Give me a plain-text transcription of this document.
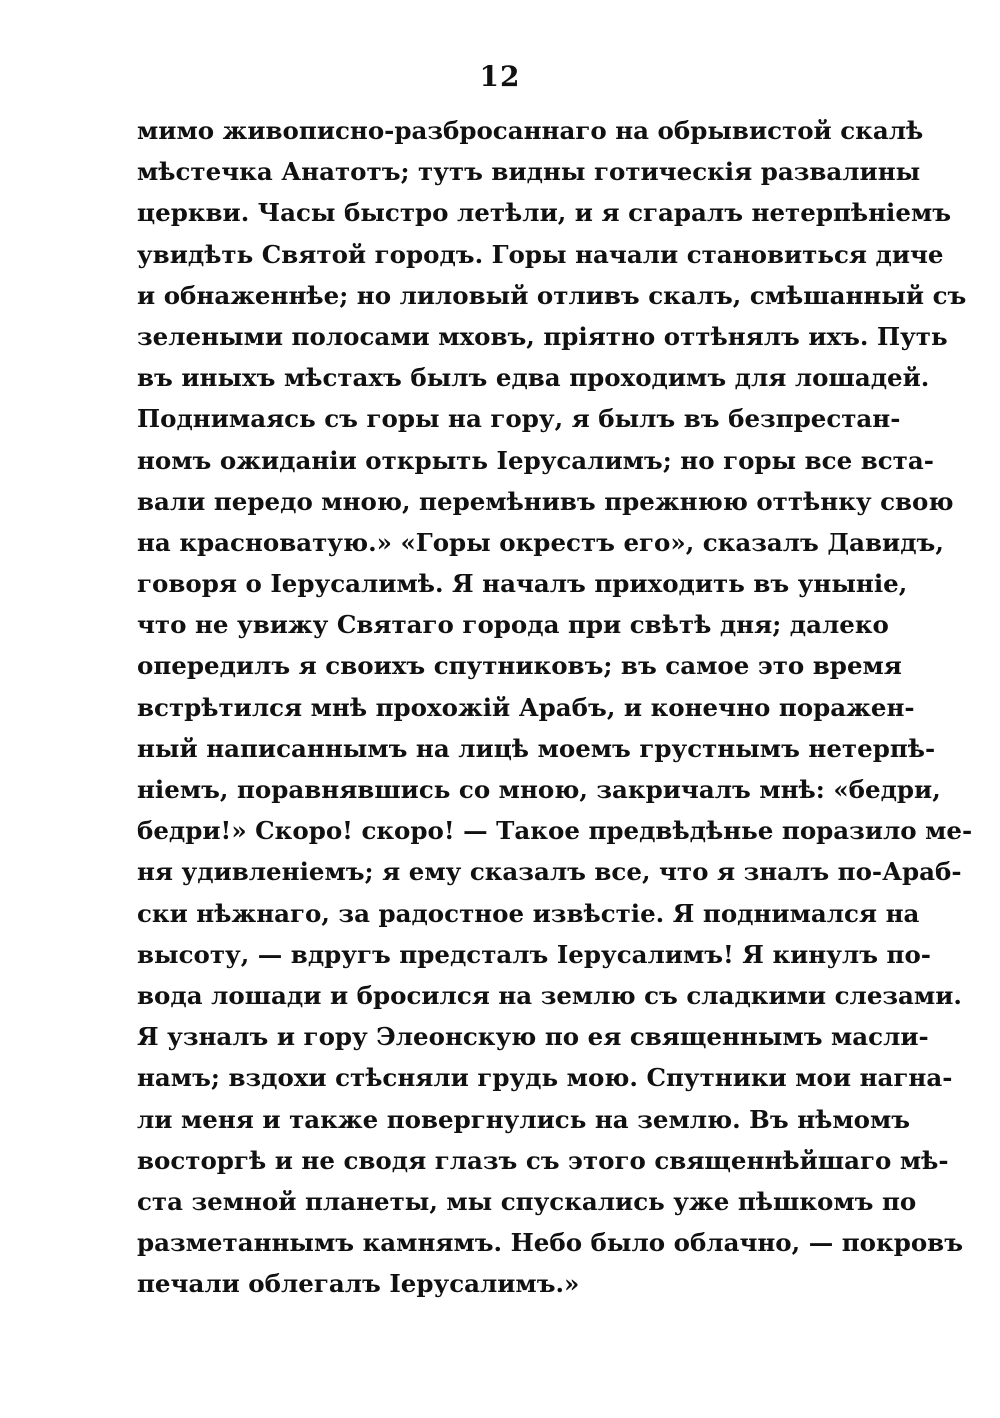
12
мимо живописно-разбросаннаго на обрывистой скалѣ
мѣстечка Анатотъ; тутъ видны готическія развалины
церкви. Часы быстро летѣли, и я сгаралъ нетерпѣніемъ
увидѣть Святой городъ. Горы начали становиться диче
и обнаженнѣе; но лиловый отливъ скалъ, смѣшанный съ
зелеными полосами мховъ, пріятно оттѣнялъ ихъ. Путь
въ иныхъ мѣстахъ былъ едва проходимъ для лошадей.
Поднимаясь съ горы на гору, я былъ въ безпрестан-
номъ ожиданіи открыть Іерусалимъ; но горы все вста-
вали передо мною, перемѣнивъ прежнюю оттѣнку свою
на красноватую.» «Горы окрестъ его», сказалъ Давидъ,
говоря о Іерусалимѣ. Я началъ приходить въ уныніе,
что не увижу Святаго города при свѣтѣ дня; далеко
опередилъ я своихъ спутниковъ; въ самое это время
встрѣтился мнѣ прохожій Арабъ, и конечно поражен-
ный написаннымъ на лицѣ моемъ грустнымъ нетерпѣ-
ніемъ, поравнявшись со мною, закричалъ мнѣ: «бедри,
бедри!» Скоро! скоро! — Такое предвѣдѣнье поразило ме-
ня удивленіемъ; я ему сказалъ все, что я зналъ по-Араб-
ски нѣжнаго, за радостное извѣстіе. Я поднимался на
высоту, — вдругъ предсталъ Іерусалимъ! Я кинулъ по-
вода лошади и бросился на землю съ сладкими слезами.
Я узналъ и гору Элеонскую по ея священнымъ масли-
намъ; вздохи стѣсняли грудь мою. Спутники мои нагна-
ли меня и также повергнулись на землю. Въ нѣмомъ
восторгѣ и не сводя глазъ съ этого священнѣйшаго мѣ-
ста земной планеты, мы спускались уже пѣшкомъ по
разметаннымъ камнямъ. Небо было облачно, — покровъ
печали облегалъ Іерусалимъ.»
